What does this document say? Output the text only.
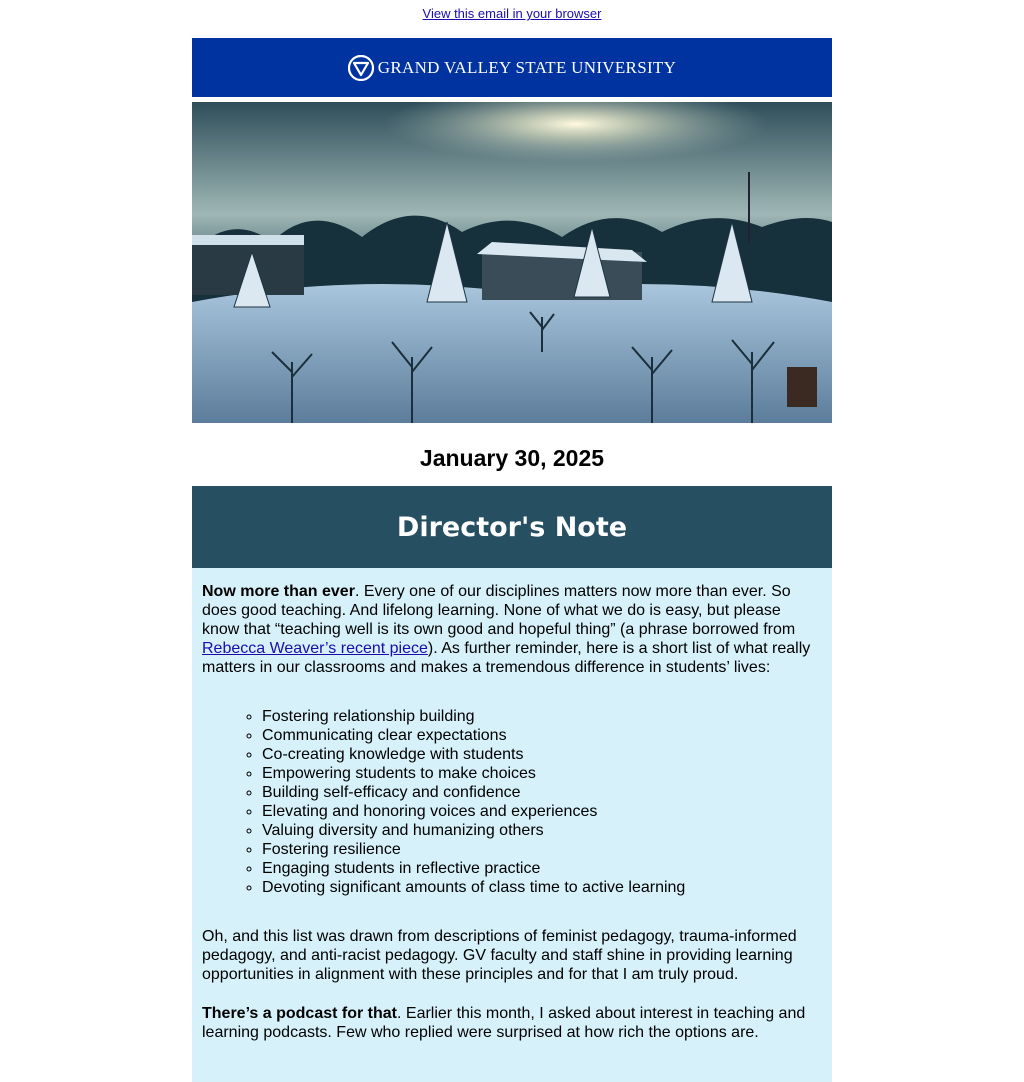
View this email in your browser
GRAND VALLEY STATE UNIVERSITY
January 30, 2025
Director's Note

Now more than ever. Every one of our disciplines matters now more than ever. So does good teaching. And lifelong learning. None of what we do is easy, but please know that “teaching well is its own good and hopeful thing” (a phrase borrowed from Rebecca Weaver’s recent piece). As further reminder, here is a short list of what really matters in our classrooms and makes a tremendous difference in students’ lives:

◦ Fostering relationship building
◦ Communicating clear expectations
◦ Co-creating knowledge with students
◦ Empowering students to make choices
◦ Building self-efficacy and confidence
◦ Elevating and honoring voices and experiences
◦ Valuing diversity and humanizing others
◦ Fostering resilience
◦ Engaging students in reflective practice
◦ Devoting significant amounts of class time to active learning

Oh, and this list was drawn from descriptions of feminist pedagogy, trauma-informed pedagogy, and anti-racist pedagogy. GV faculty and staff shine in providing learning opportunities in alignment with these principles and for that I am truly proud.

There’s a podcast for that. Earlier this month, I asked about interest in teaching and learning podcasts. Few who replied were surprised at how rich the options are.
